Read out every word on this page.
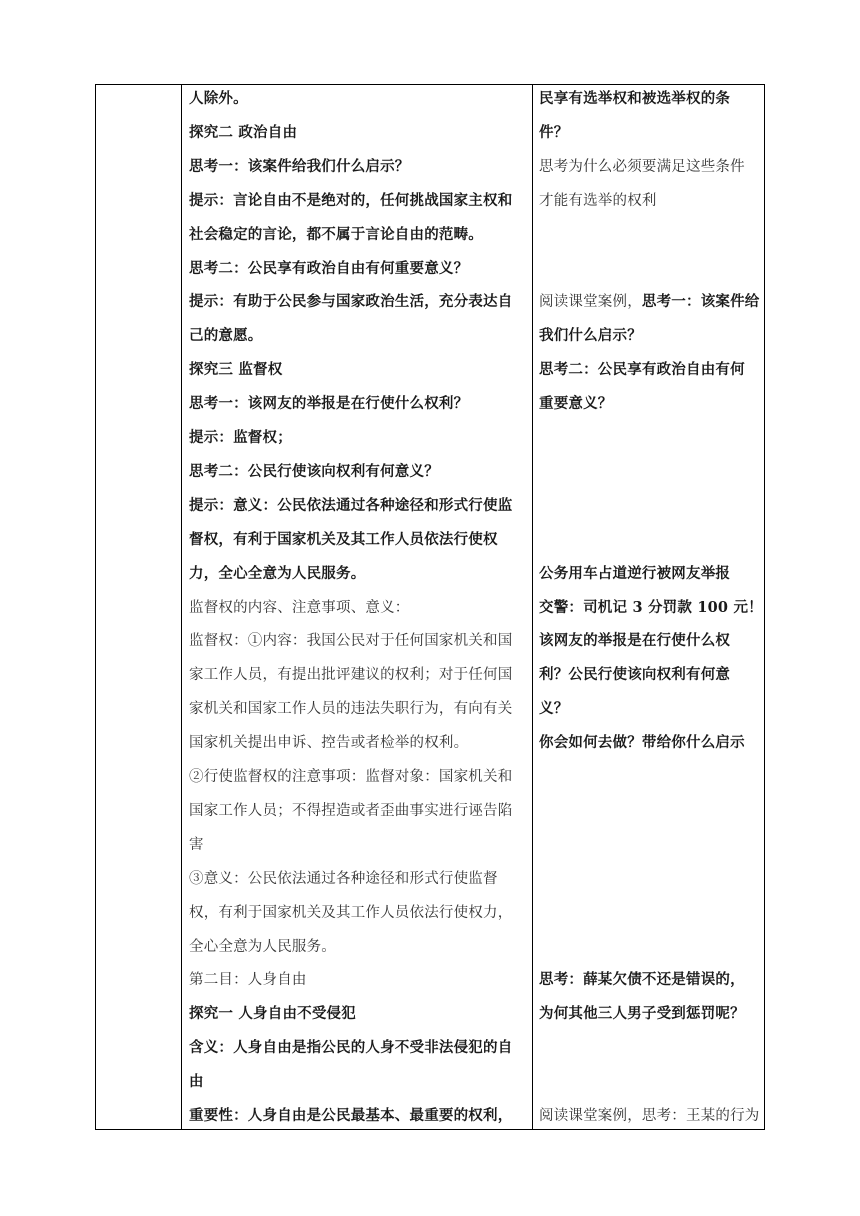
人除外。
探究二 政治自由
思考一：该案件给我们什么启示？
提示：言论自由不是绝对的，任何挑战国家主权和
社会稳定的言论，都不属于言论自由的范畴。
思考二：公民享有政治自由有何重要意义？
提示：有助于公民参与国家政治生活，充分表达自
己的意愿。
探究三 监督权
思考一：该网友的举报是在行使什么权利？
提示：监督权；
思考二：公民行使该向权利有何意义？
提示：意义：公民依法通过各种途径和形式行使监
督权，有利于国家机关及其工作人员依法行使权
力，全心全意为人民服务。
监督权的内容、注意事项、意义：
监督权：①内容：我国公民对于任何国家机关和国
家工作人员，有提出批评建议的权利；对于任何国
家机关和国家工作人员的违法失职行为，有向有关
国家机关提出申诉、控告或者检举的权利。
②行使监督权的注意事项：监督对象：国家机关和
国家工作人员；不得捏造或者歪曲事实进行诬告陷
害
③意义：公民依法通过各种途径和形式行使监督
权，有利于国家机关及其工作人员依法行使权力，
全心全意为人民服务。
第二目：人身自由
探究一 人身自由不受侵犯
含义：人身自由是指公民的人身不受非法侵犯的自
由
重要性：人身自由是公民最基本、最重要的权利，
民享有选举权和被选举权的条
件？
思考为什么必须要满足这些条件
才能有选举的权利
阅读课堂案例，思考一：该案件给
我们什么启示？
思考二：公民享有政治自由有何
重要意义？
公务用车占道逆行被网友举报
交警：司机记 3 分罚款 100 元！
该网友的举报是在行使什么权
利？公民行使该向权利有何意
义？
你会如何去做？带给你什么启示
思考：薛某欠债不还是错误的，
为何其他三人男子受到惩罚呢？
阅读课堂案例，思考：王某的行为
